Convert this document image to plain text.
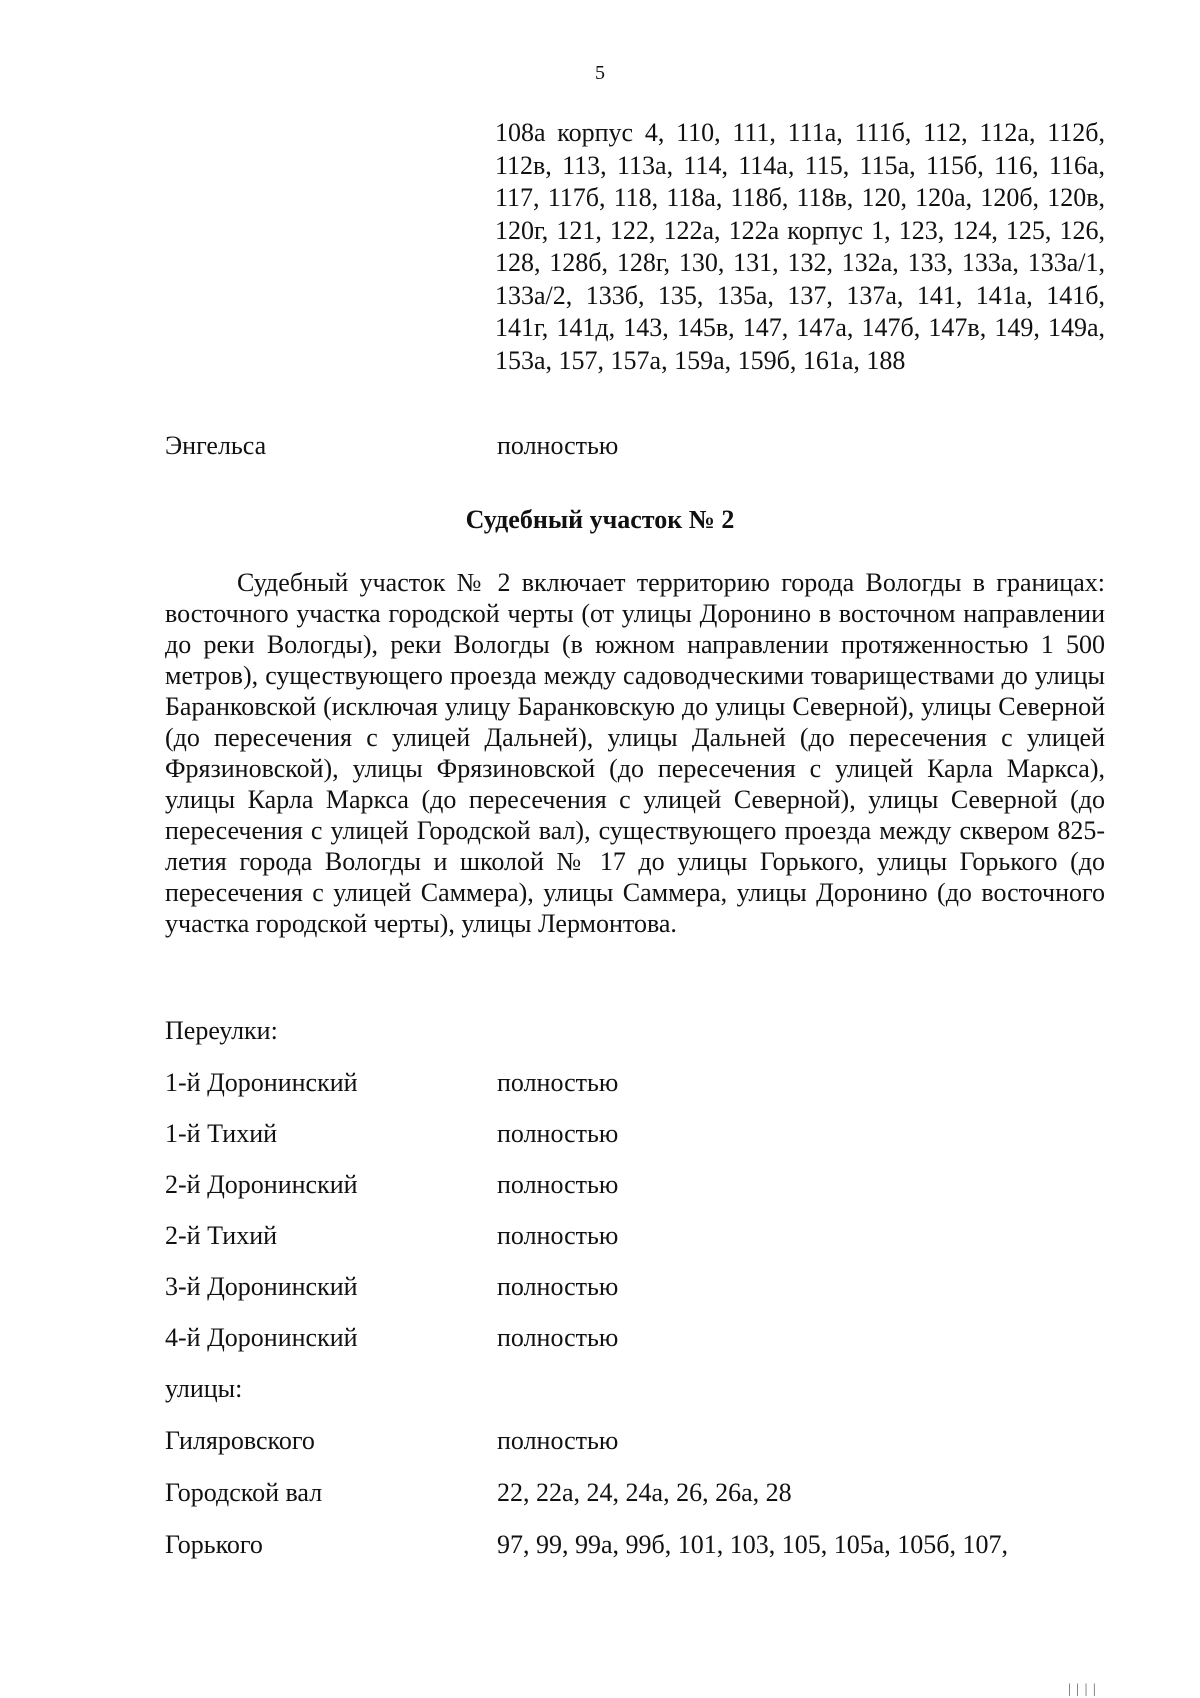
5
108а корпус 4, 110, 111, 111а, 111б, 112, 112а, 112б, 112в, 113, 113а, 114, 114а, 115, 115а, 115б, 116, 116а, 117, 117б, 118, 118а, 118б, 118в, 120, 120а, 120б, 120в, 120г, 121, 122, 122а, 122а корпус 1, 123, 124, 125, 126, 128, 128б, 128г, 130, 131, 132, 132а, 133, 133а, 133а/1, 133а/2, 133б, 135, 135а, 137, 137а, 141, 141а, 141б, 141г, 141д, 143, 145в, 147, 147а, 147б, 147в, 149, 149а, 153а, 157, 157а, 159а, 159б, 161а, 188
Энгельса	полностью
Судебный участок № 2
Судебный участок № 2 включает территорию города Вологды в границах: восточного участка городской черты (от улицы Доронино в восточном направлении до реки Вологды), реки Вологды (в южном направлении протяженностью 1 500 метров), существующего проезда между садоводческими товариществами до улицы Баранковской (исключая улицу Баранковскую до улицы Северной), улицы Северной (до пересечения с улицей Дальней), улицы Дальней (до пересечения с улицей Фрязиновской), улицы Фрязиновской (до пересечения с улицей Карла Маркса), улицы Карла Маркса (до пересечения с улицей Северной), улицы Северной (до пересечения с улицей Городской вал), существующего проезда между сквером 825-летия города Вологды и школой № 17 до улицы Горького, улицы Горького (до пересечения с улицей Саммера), улицы Саммера, улицы Доронино (до восточного участка городской черты), улицы Лермонтова.
Переулки:
1-й Доронинский	полностью
1-й Тихий	полностью
2-й Доронинский	полностью
2-й Тихий	полностью
3-й Доронинский	полностью
4-й Доронинский	полностью
улицы:
Гиляровского	полностью
Городской вал	22, 22а, 24, 24а, 26, 26а, 28
Горького	97, 99, 99а, 99б, 101, 103, 105, 105а, 105б, 107,
| | | |
